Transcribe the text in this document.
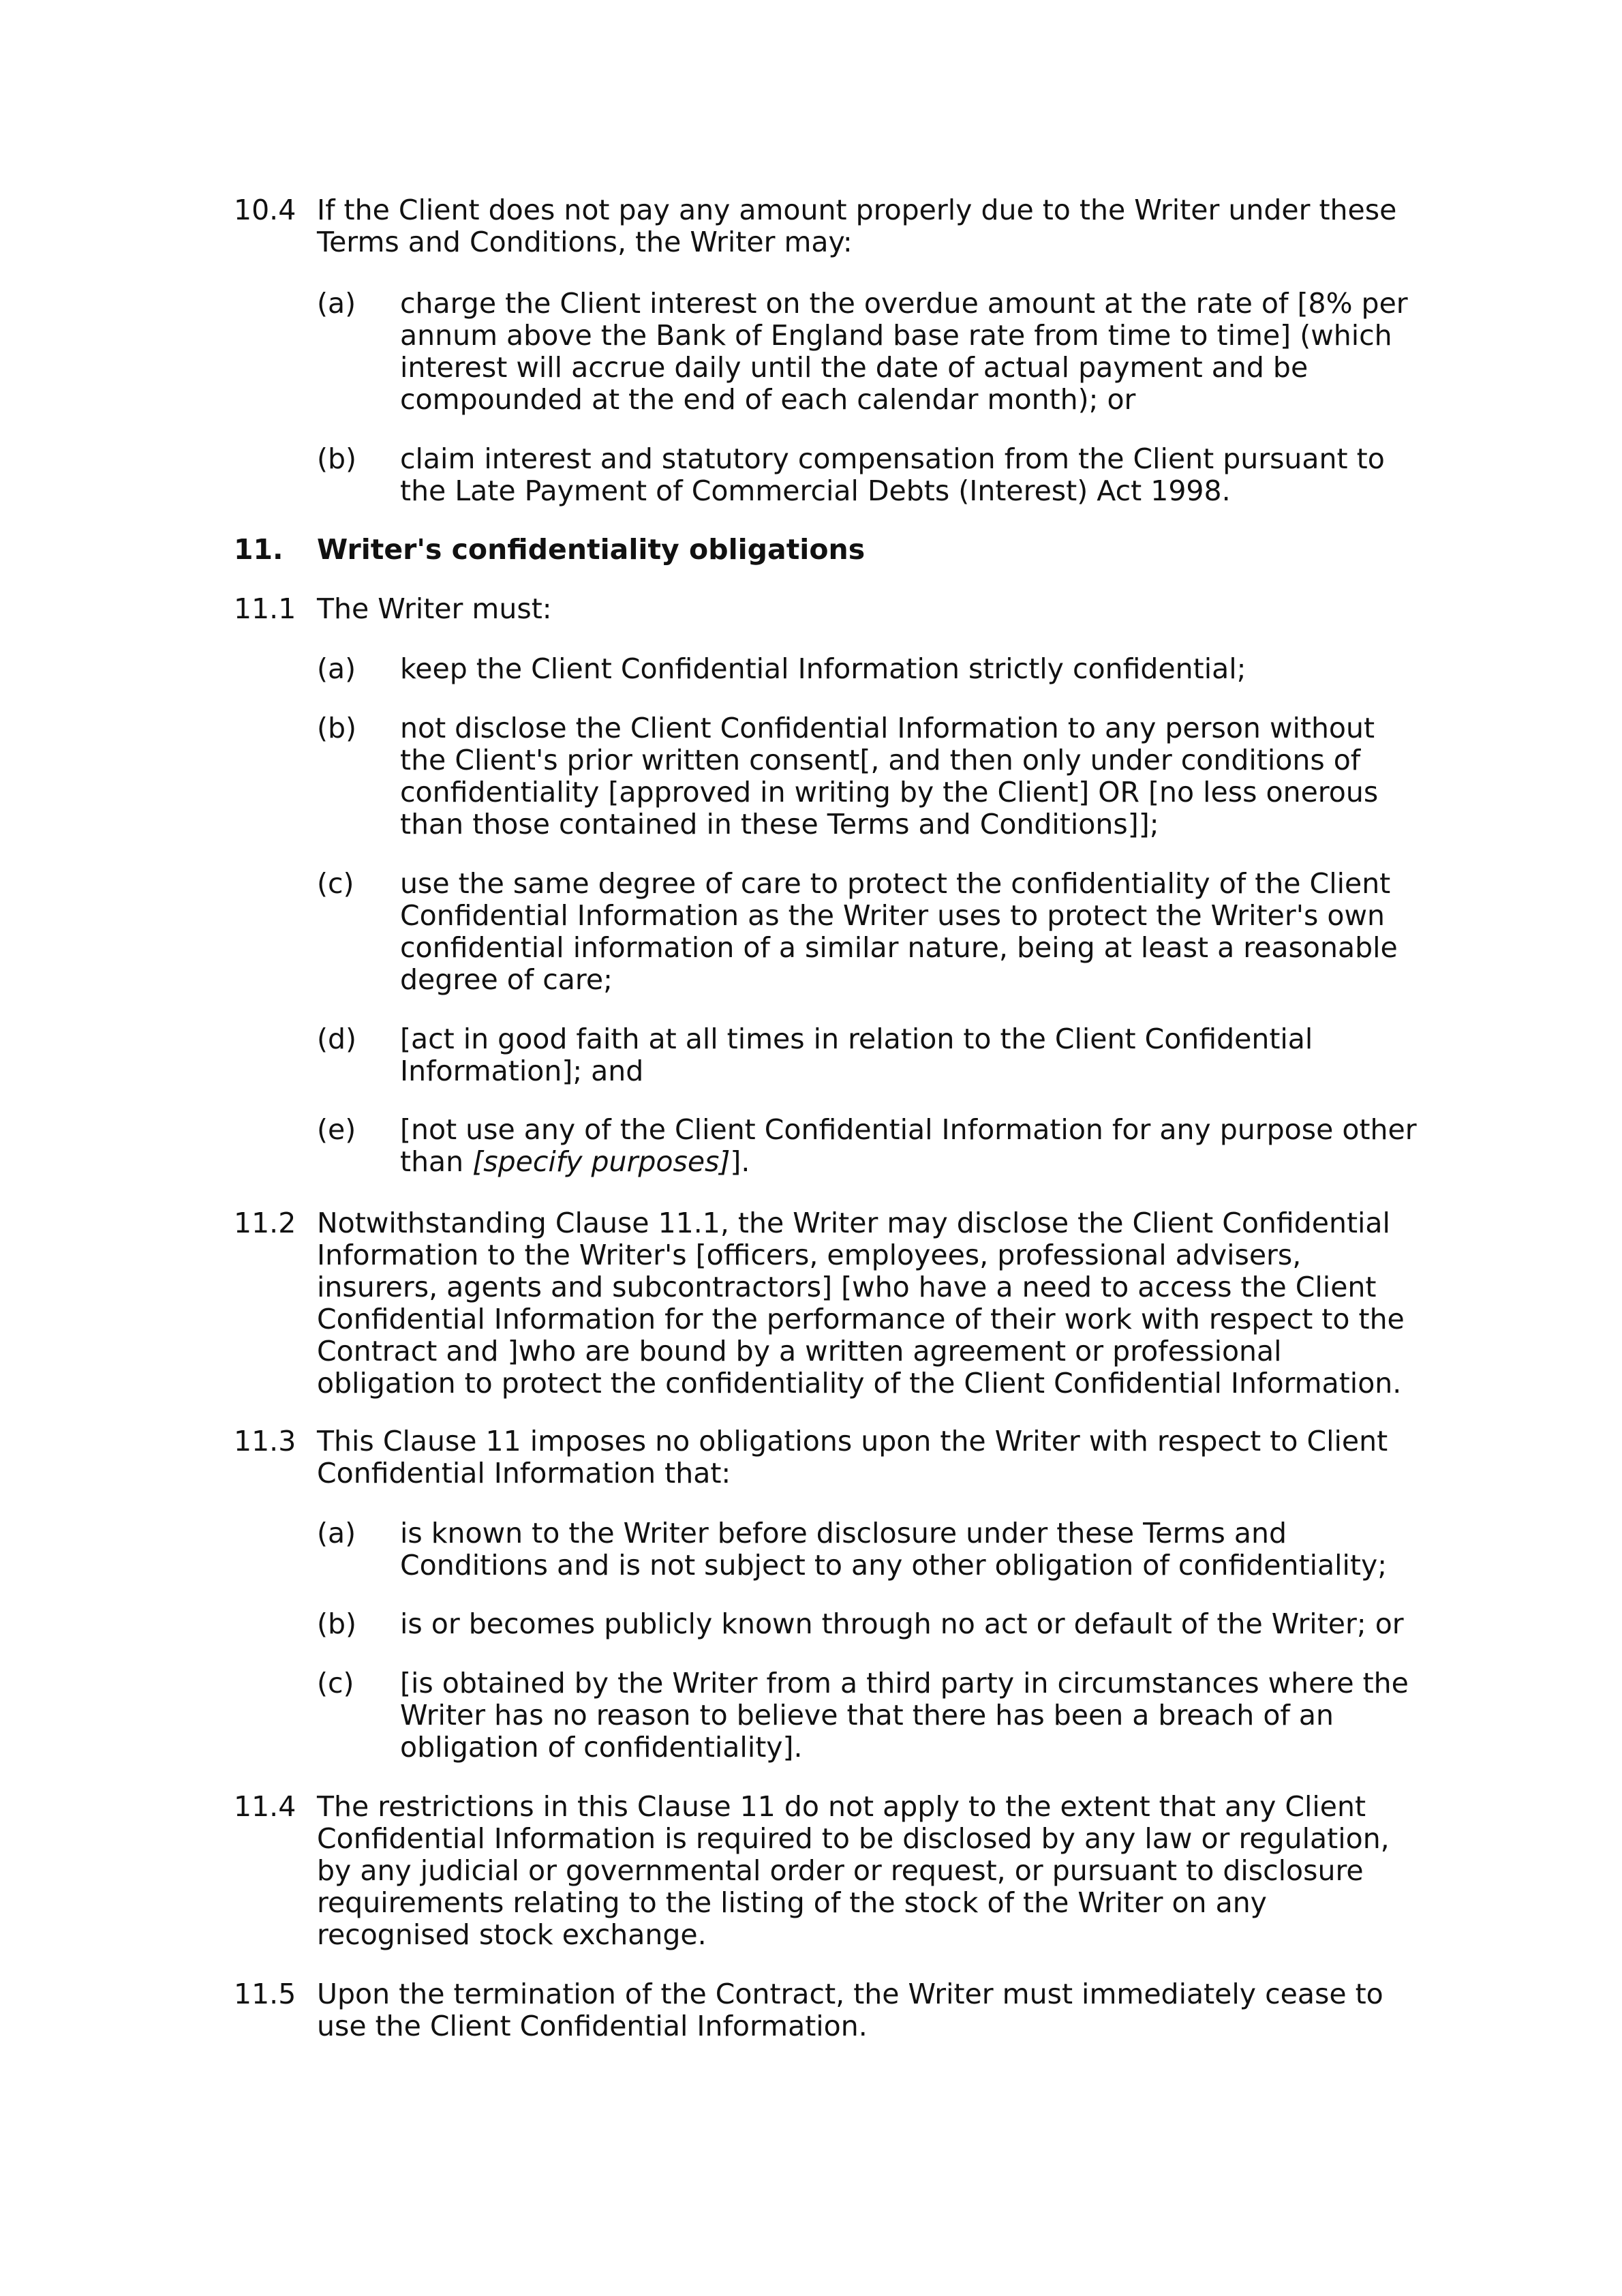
10.4 If the Client does not pay any amount properly due to the Writer under these
Terms and Conditions, the Writer may:
(a) charge the Client interest on the overdue amount at the rate of [8% per
annum above the Bank of England base rate from time to time] (which
interest will accrue daily until the date of actual payment and be
compounded at the end of each calendar month); or
(b) claim interest and statutory compensation from the Client pursuant to
the Late Payment of Commercial Debts (Interest) Act 1998.
11. Writer's confidentiality obligations
11.1 The Writer must:
(a) keep the Client Confidential Information strictly confidential;
(b) not disclose the Client Confidential Information to any person without
the Client's prior written consent[, and then only under conditions of
confidentiality [approved in writing by the Client] OR [no less onerous
than those contained in these Terms and Conditions]];
(c) use the same degree of care to protect the confidentiality of the Client
Confidential Information as the Writer uses to protect the Writer's own
confidential information of a similar nature, being at least a reasonable
degree of care;
(d) [act in good faith at all times in relation to the Client Confidential
Information]; and
(e) [not use any of the Client Confidential Information for any purpose other
than [specify purposes]].
11.2 Notwithstanding Clause 11.1, the Writer may disclose the Client Confidential
Information to the Writer's [officers, employees, professional advisers,
insurers, agents and subcontractors] [who have a need to access the Client
Confidential Information for the performance of their work with respect to the
Contract and ]who are bound by a written agreement or professional
obligation to protect the confidentiality of the Client Confidential Information.
11.3 This Clause 11 imposes no obligations upon the Writer with respect to Client
Confidential Information that:
(a) is known to the Writer before disclosure under these Terms and
Conditions and is not subject to any other obligation of confidentiality;
(b) is or becomes publicly known through no act or default of the Writer; or
(c) [is obtained by the Writer from a third party in circumstances where the
Writer has no reason to believe that there has been a breach of an
obligation of confidentiality].
11.4 The restrictions in this Clause 11 do not apply to the extent that any Client
Confidential Information is required to be disclosed by any law or regulation,
by any judicial or governmental order or request, or pursuant to disclosure
requirements relating to the listing of the stock of the Writer on any
recognised stock exchange.
11.5 Upon the termination of the Contract, the Writer must immediately cease to
use the Client Confidential Information.
